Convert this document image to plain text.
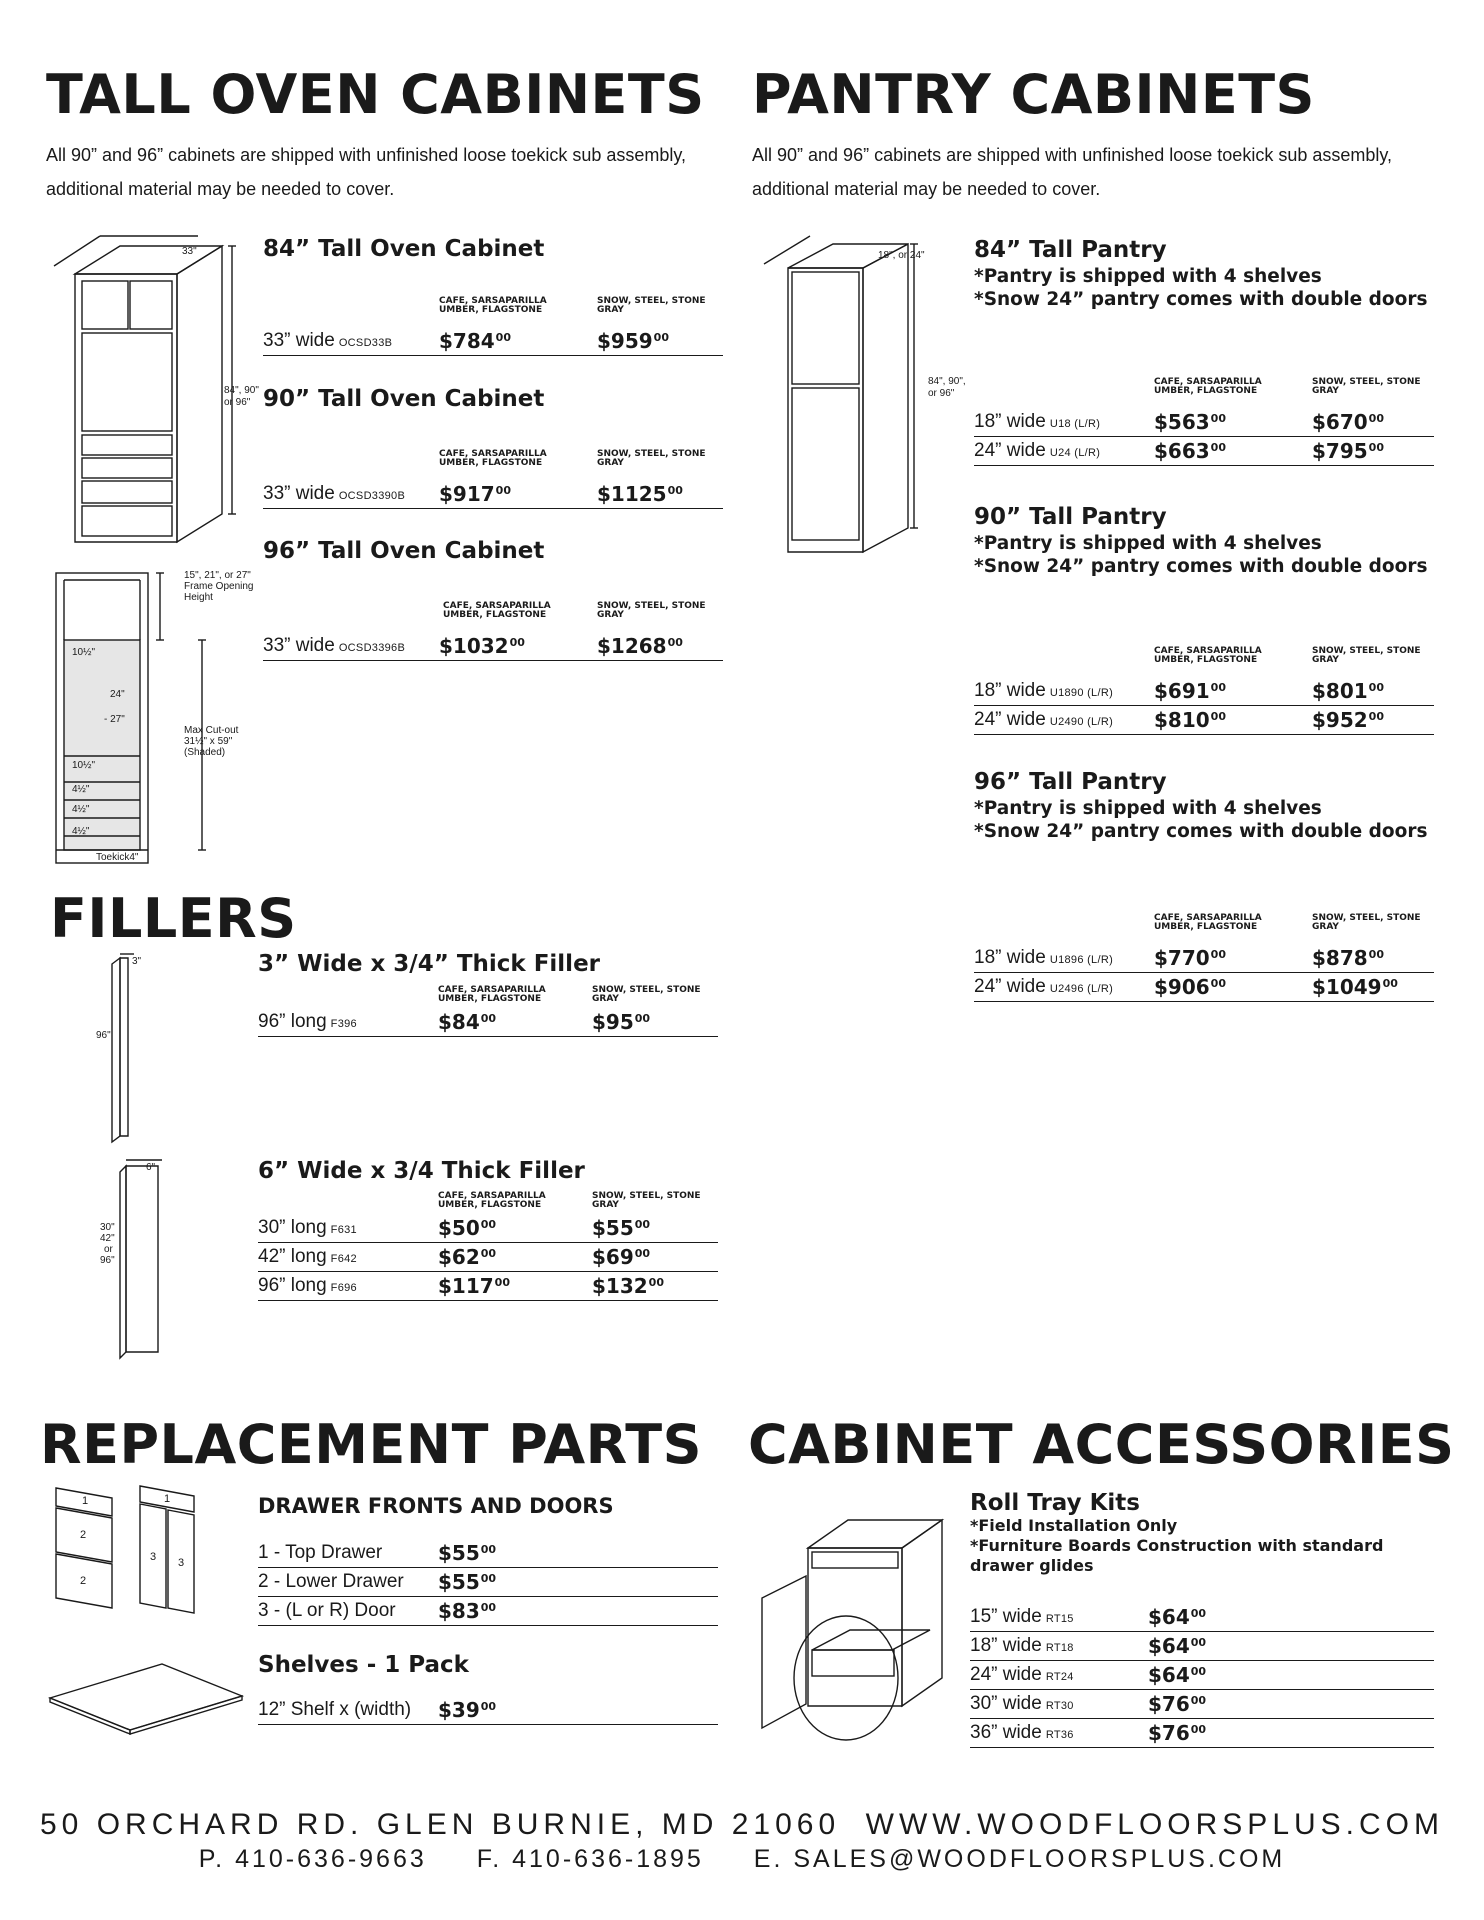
TALL OVEN CABINETS PANTRY CABINETS
All 90” and 96” cabinets are shipped with unfinished loose toekick sub assembly, additional material may be needed to cover.
All 90” and 96” cabinets are shipped with unfinished loose toekick sub assembly, additional material may be needed to cover.
33"
84", 90"
or 96"
15", 21", or 27"
Frame Opening
Height
Max Cut-out
31½" x 59"
(Shaded)
10½"
24"
- 27"
10½"
4½"
4½"
4½"
Toekick4"
84” Tall Oven Cabinet
CAFE, SARSAPARILLA
UMBER, FLAGSTONE
SNOW, STEEL, STONE GRAY
33” wide OCSD33B $\$784^{00}$	$\$959^{00}$
90” Tall Oven Cabinet
CAFE, SARSAPARILLA
UMBER, FLAGSTONE
SNOW, STEEL, STONE GRAY
33” wide OCSD3390B $\$917^{00}$	$1125$^{00}$
96” Tall Oven Cabinet
CAFE, SARSAPARILLA
UMBER, FLAGSTONE
SNOW, STEEL, STONE GRAY
33” wide OCSD3396B $1032$^{00}$	$1268$^{00}$
18", or 24"
84", 90",
or 96"
84” Tall Pantry
* Pantry is shipped with 4 shelves
* Snow 24” pantry comes with double doors
CAFE, SARSAPARILLA
UMBER, FLAGSTONE
SNOW, STEEL, STONE GRAY
18” wide U18 (L/R)	$\$563^{00}$	$\$670^{00}$
24” wide U24 (L/R)	$\$663^{00}$	$\$795^{00}$
90” Tall Pantry
* Pantry is shipped with 4 shelves
* Snow 24” pantry comes with double doors
CAFE, SARSAPARILLA
UMBER, FLAGSTONE
SNOW, STEEL, STONE GRAY
18” wide U1890 (L/R) $\$691^{00}$	$\$801^{00}$
24” wide U2490 (L/R) $\$810^{00}$	$\$952^{00}$
96” Tall Pantry
* Pantry is shipped with 4 shelves
* Snow 24” pantry comes with double doors
CAFE, SARSAPARILLA
UMBER, FLAGSTONE
SNOW, STEEL, STONE GRAY
18” wide U1896 (L/R) $\$770^{00}$	$\$878^{00}$
24” wide U2496 (L/R) $\$906^{00}$	$1049$^{00}$
FILLERS
3"
96"
3” Wide x 3/4” Thick Filler
CAFE, SARSAPARILLA
UMBER, FLAGSTONE
SNOW, STEEL, STONE GRAY
96” long F396	$\$84^{00}$	$\$95^{00}$
6"
30"
42"
or
96"
6” Wide x 3/4 Thick Filler
CAFE, SARSAPARILLA
UMBER, FLAGSTONE
SNOW, STEEL, STONE GRAY
30” long F631	$\$50^{00}$	$\$55^{00}$
42” long F642	$\$62^{00}$	$\$69^{00}$
96” long F696	$\$117^{00}$	$\$132^{00}$
REPLACEMENT PARTS
1
2
2
1
3 3
DRAWER FRONTS AND DOORS
1 - Top Drawer	$\$55^{00}$
2 - Lower Drawer $\$55^{00}$
3 - (L or R) Door $\$83^{00}$
Shelves - 1 Pack
12” Shelf x (width) $\$39^{00}$
CABINET ACCESSORIES
Roll Tray Kits
* Field Installation Only
* Furniture Boards Construction with standard
drawer glides
15” wide RT15	$\$64^{00}$
18” wide RT18	$\$64^{00}$
24” wide RT24	$\$64^{00}$
30” wide RT30	$\$76^{00}$
36” wide RT36	$\$76^{00}$
50 ORCHARD RD. GLEN BURNIE, MD 21060 WWW.WOODFLOORSPLUS.COM
P. 410-636-9663 F. 410-636-1895 E. SALES@WOODFLOORSPLUS.COM
